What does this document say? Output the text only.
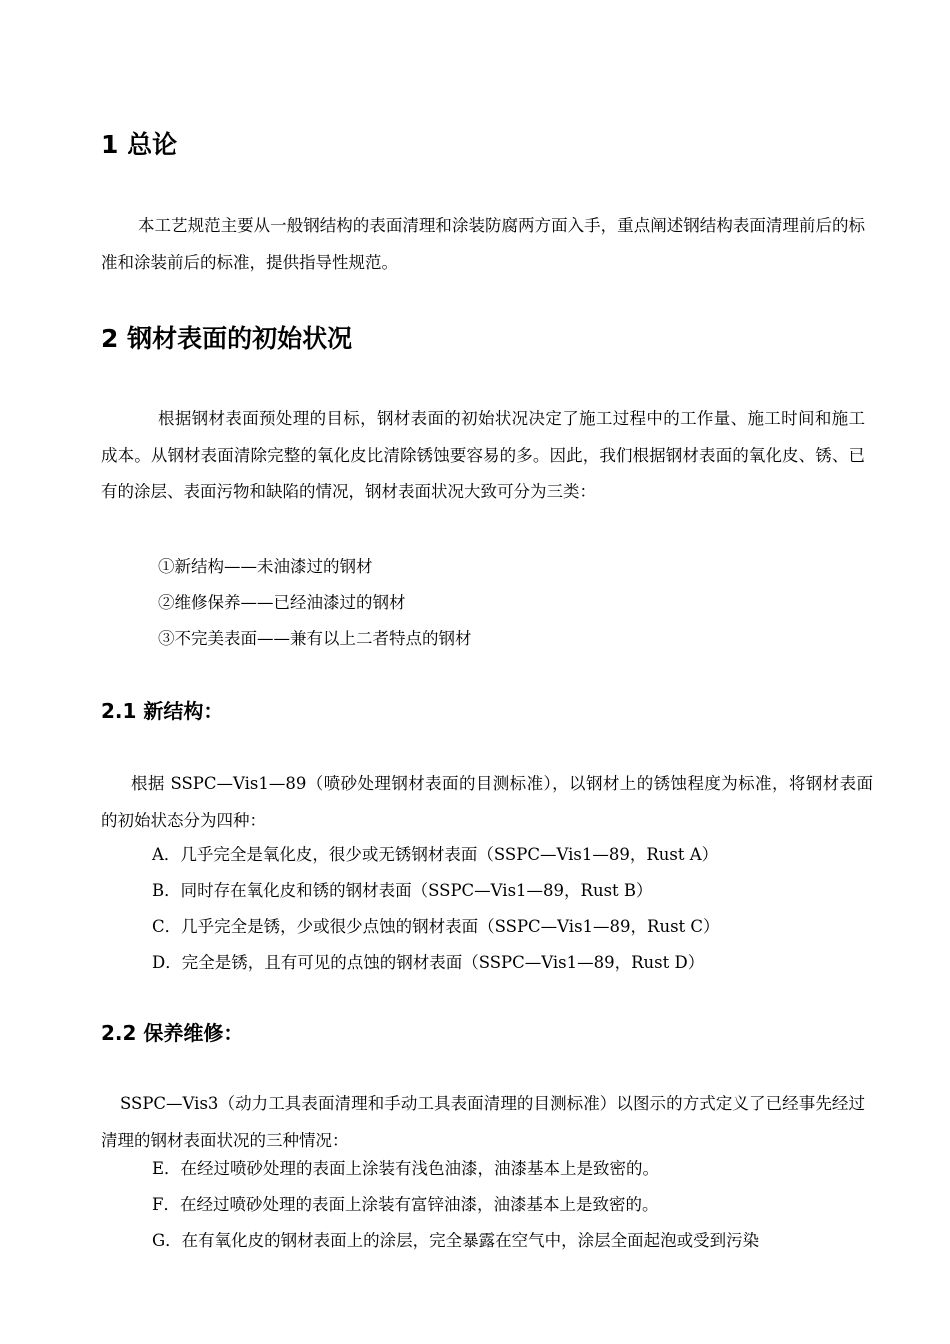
1 总论
本工艺规范主要从一般钢结构的表面清理和涂装防腐两方面入手，重点阐述钢结构表面清理前后的标准和涂装前后的标准，提供指导性规范。
2 钢材表面的初始状况
根据钢材表面预处理的目标，钢材表面的初始状况决定了施工过程中的工作量、施工时间和施工成本。从钢材表面清除完整的氧化皮比清除锈蚀要容易的多。因此，我们根据钢材表面的氧化皮、锈、已有的涂层、表面污物和缺陷的情况，钢材表面状况大致可分为三类：
①新结构——未油漆过的钢材
②维修保养——已经油漆过的钢材
③不完美表面——兼有以上二者特点的钢材
2.1 新结构：
根据 SSPC—Vis1—89（喷砂处理钢材表面的目测标准），以钢材上的锈蚀程度为标准，将钢材表面的初始状态分为四种：
A．几乎完全是氧化皮，很少或无锈钢材表面（SSPC—Vis1—89，Rust A）
B．同时存在氧化皮和锈的钢材表面（SSPC—Vis1—89，Rust B）
C．几乎完全是锈，少或很少点蚀的钢材表面（SSPC—Vis1—89，Rust C）
D．完全是锈，且有可见的点蚀的钢材表面（SSPC—Vis1—89，Rust D）
2.2 保养维修：
SSPC—Vis3（动力工具表面清理和手动工具表面清理的目测标准）以图示的方式定义了已经事先经过清理的钢材表面状况的三种情况：
E．在经过喷砂处理的表面上涂装有浅色油漆，油漆基本上是致密的。
F．在经过喷砂处理的表面上涂装有富锌油漆，油漆基本上是致密的。
G．在有氧化皮的钢材表面上的涂层，完全暴露在空气中，涂层全面起泡或受到污染
